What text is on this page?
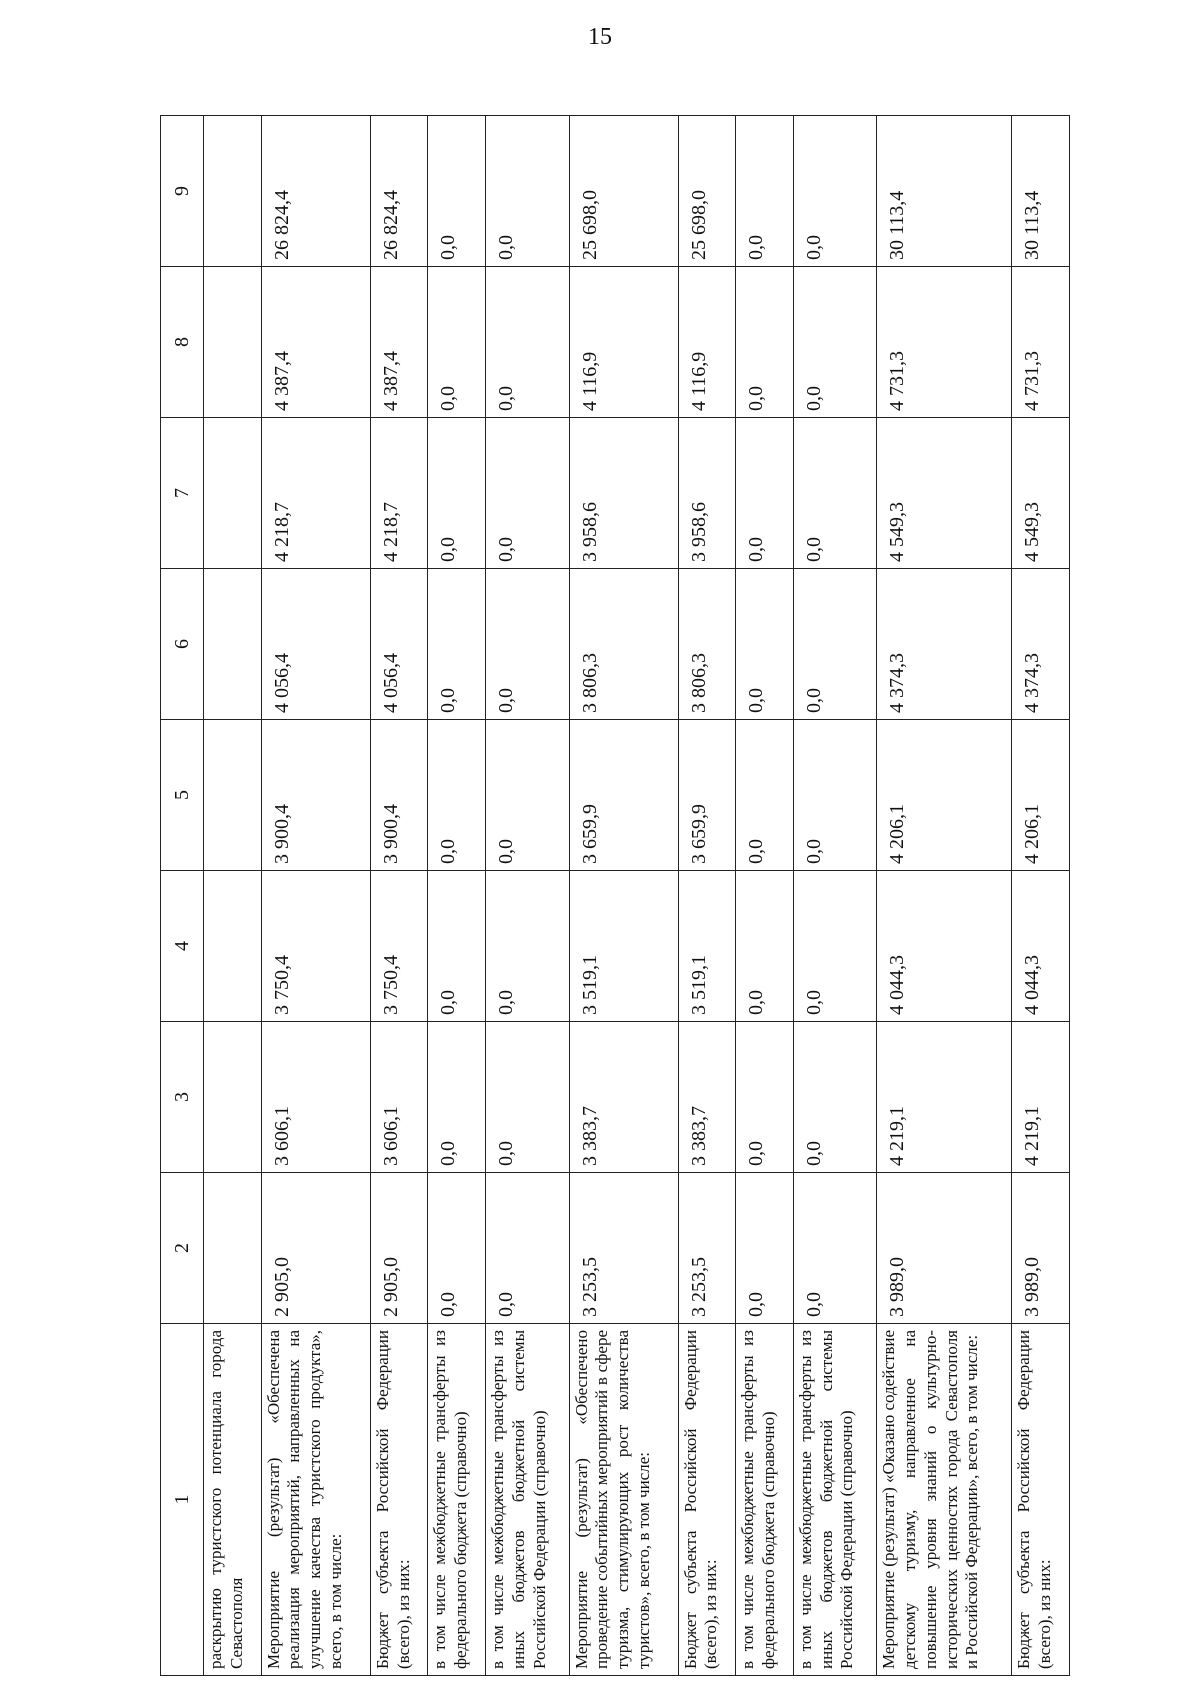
15
1	2	3	4	5	6	7	8	9
раскрытию туристского потенциала города Севастополя								
Мероприятие (результат) «Обеспечена реализация мероприятий, направленных на улучшение качества туристского продукта», всего, в том числе:	2 905,0	3 606,1	3 750,4	3 900,4	4 056,4	4 218,7	4 387,4	26 824,4
Бюджет субъекта Российской Федерации (всего), из них:	2 905,0	3 606,1	3 750,4	3 900,4	4 056,4	4 218,7	4 387,4	26 824,4
в том числе межбюджетные трансферты из федерального бюджета (справочно)	0,0	0,0	0,0	0,0	0,0	0,0	0,0	0,0
в том числе межбюджетные трансферты из иных бюджетов бюджетной системы Российской Федерации (справочно)	0,0	0,0	0,0	0,0	0,0	0,0	0,0	0,0
Мероприятие (результат) «Обеспечено проведение событийных мероприятий в сфере туризма, стимулирующих рост количества туристов», всего, в том числе:	3 253,5	3 383,7	3 519,1	3 659,9	3 806,3	3 958,6	4 116,9	25 698,0
Бюджет субъекта Российской Федерации (всего), из них:	3 253,5	3 383,7	3 519,1	3 659,9	3 806,3	3 958,6	4 116,9	25 698,0
в том числе межбюджетные трансферты из федерального бюджета (справочно)	0,0	0,0	0,0	0,0	0,0	0,0	0,0	0,0
в том числе межбюджетные трансферты из иных бюджетов бюджетной системы Российской Федерации (справочно)	0,0	0,0	0,0	0,0	0,0	0,0	0,0	0,0
Мероприятие (результат) «Оказано содействие детскому туризму, направленное на повышение уровня знаний о культурно-исторических ценностях города Севастополя и Российской Федерации», всего, в том числе:	3 989,0	4 219,1	4 044,3	4 206,1	4 374,3	4 549,3	4 731,3	30 113,4
Бюджет субъекта Российской Федерации (всего), из них:	3 989,0	4 219,1	4 044,3	4 206,1	4 374,3	4 549,3	4 731,3	30 113,4
